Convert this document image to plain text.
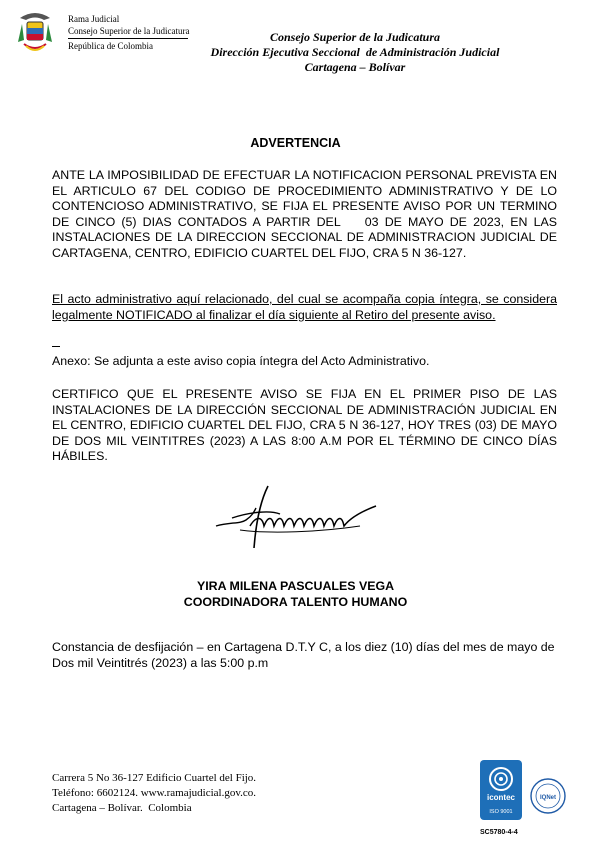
Rama Judicial
Consejo Superior de la Judicatura
República de Colombia
Consejo Superior de la Judicatura
Dirección Ejecutiva Seccional  de Administración Judicial
Cartagena – Bolívar
ADVERTENCIA
ANTE LA IMPOSIBILIDAD DE EFECTUAR LA NOTIFICACION PERSONAL PREVISTA EN EL ARTICULO 67 DEL CODIGO DE PROCEDIMIENTO ADMINISTRATIVO Y DE LO CONTENCIOSO ADMINISTRATIVO, SE FIJA EL PRESENTE AVISO POR UN TERMINO DE CINCO (5) DIAS CONTADOS A PARTIR DEL    03 DE MAYO DE 2023, EN LAS INSTALACIONES DE LA DIRECCION SECCIONAL DE ADMINISTRACION JUDICIAL DE CARTAGENA, CENTRO, EDIFICIO CUARTEL DEL FIJO, CRA 5 N 36-127.
El acto administrativo aquí relacionado, del cual se acompaña copia íntegra, se considera legalmente NOTIFICADO al finalizar el día siguiente al Retiro del presente aviso.
Anexo: Se adjunta a este aviso copia íntegra del Acto Administrativo.
CERTIFICO QUE EL PRESENTE AVISO SE FIJA EN EL PRIMER PISO DE LAS INSTALACIONES DE LA DIRECCIÓN SECCIONAL DE ADMINISTRACIÓN JUDICIAL EN EL CENTRO, EDIFICIO CUARTEL DEL FIJO, CRA 5 N 36-127, HOY TRES (03) DE MAYO DE DOS MIL VEINTITRES (2023) A LAS 8:00 A.M POR EL TÉRMINO DE CINCO DÍAS HÁBILES.
YIRA MILENA PASCUALES VEGA
COORDINADORA TALENTO HUMANO
Constancia de desfijación – en Cartagena D.T.Y C, a los diez (10) días del mes de mayo de Dos mil Veintitrés (2023) a las 5:00 p.m
Carrera 5 No 36-127 Edificio Cuartel del Fijo.
Teléfono: 6602124. www.ramajudicial.gov.co.
Cartagena – Bolívar.  Colombia
icontec
ISO 9001
IQNet
SC5780-4-4
